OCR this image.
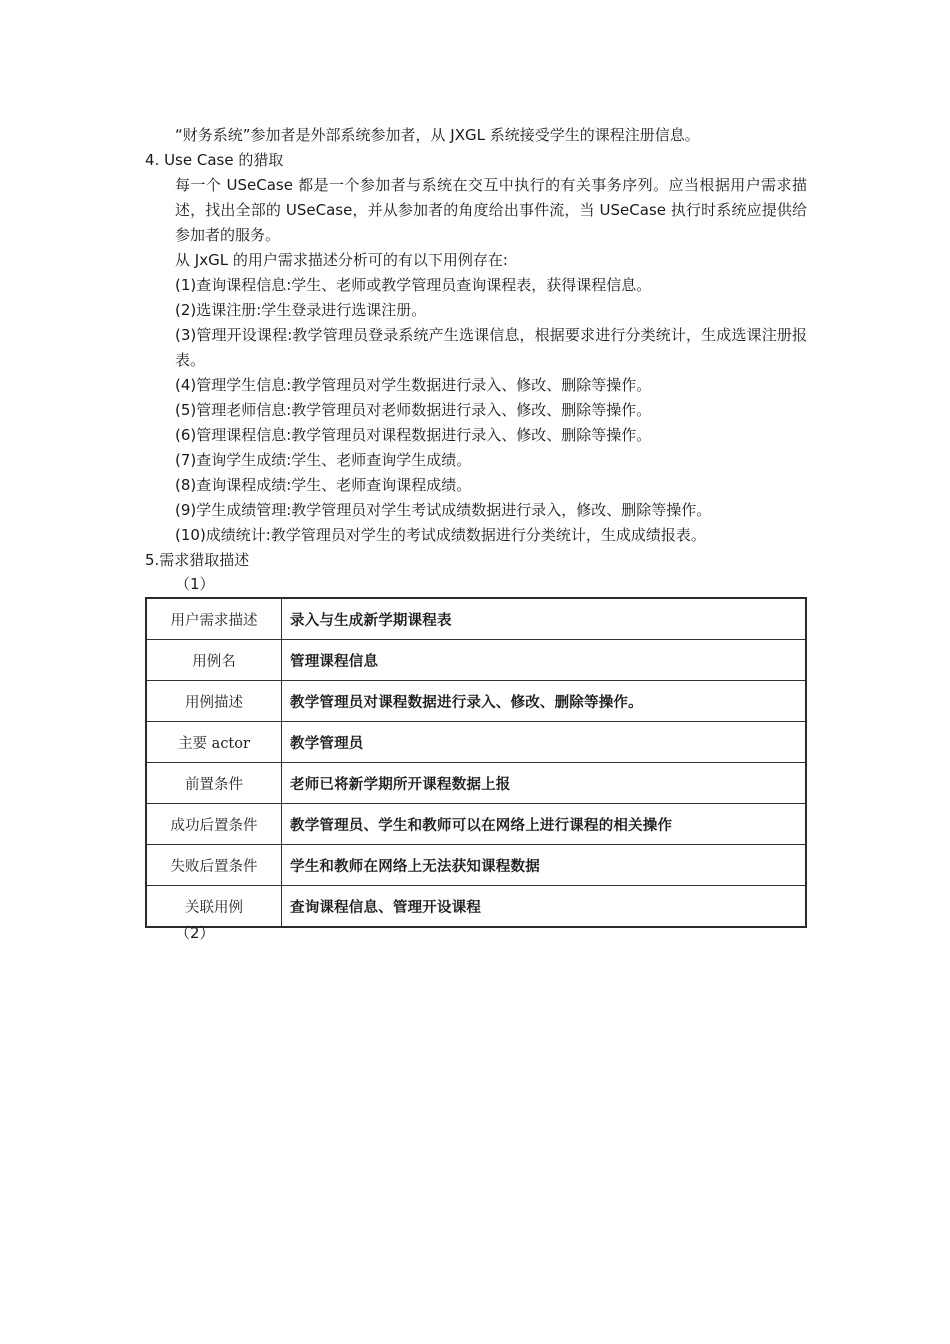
“财务系统”参加者是外部系统参加者，从 JXGL 系统接受学生的课程注册信息。
4. Use Case 的猎取
每一个 USeCase 都是一个参加者与系统在交互中执行的有关事务序列。应当根据用户需求描述，找出全部的 USeCase，并从参加者的角度给出事件流，当 USeCase 执行时系统应提供给参加者的服务。
从 JxGL 的用户需求描述分析可的有以下用例存在:
(1)查询课程信息:学生、老师或教学管理员查询课程表，获得课程信息。
(2)选课注册:学生登录进行选课注册。
(3)管理开设课程:教学管理员登录系统产生选课信息，根据要求进行分类统计，生成选课注册报表。
(4)管理学生信息:教学管理员对学生数据进行录入、修改、删除等操作。
(5)管理老师信息:教学管理员对老师数据进行录入、修改、删除等操作。
(6)管理课程信息:教学管理员对课程数据进行录入、修改、删除等操作。
(7)查询学生成绩:学生、老师查询学生成绩。
(8)查询课程成绩:学生、老师查询课程成绩。
(9)学生成绩管理:教学管理员对学生考试成绩数据进行录入，修改、删除等操作。
(10)成绩统计:教学管理员对学生的考试成绩数据进行分类统计，生成成绩报表。
5.需求猎取描述
（1）
用户需求描述	录入与生成新学期课程表
用例名	管理课程信息
用例描述	教学管理员对课程数据进行录入、修改、删除等操作。
主要 actor	教学管理员
前置条件	老师已将新学期所开课程数据上报
成功后置条件	教学管理员、学生和教师可以在网络上进行课程的相关操作
失败后置条件	学生和教师在网络上无法获知课程数据
关联用例	查询课程信息、管理开设课程
（2）
